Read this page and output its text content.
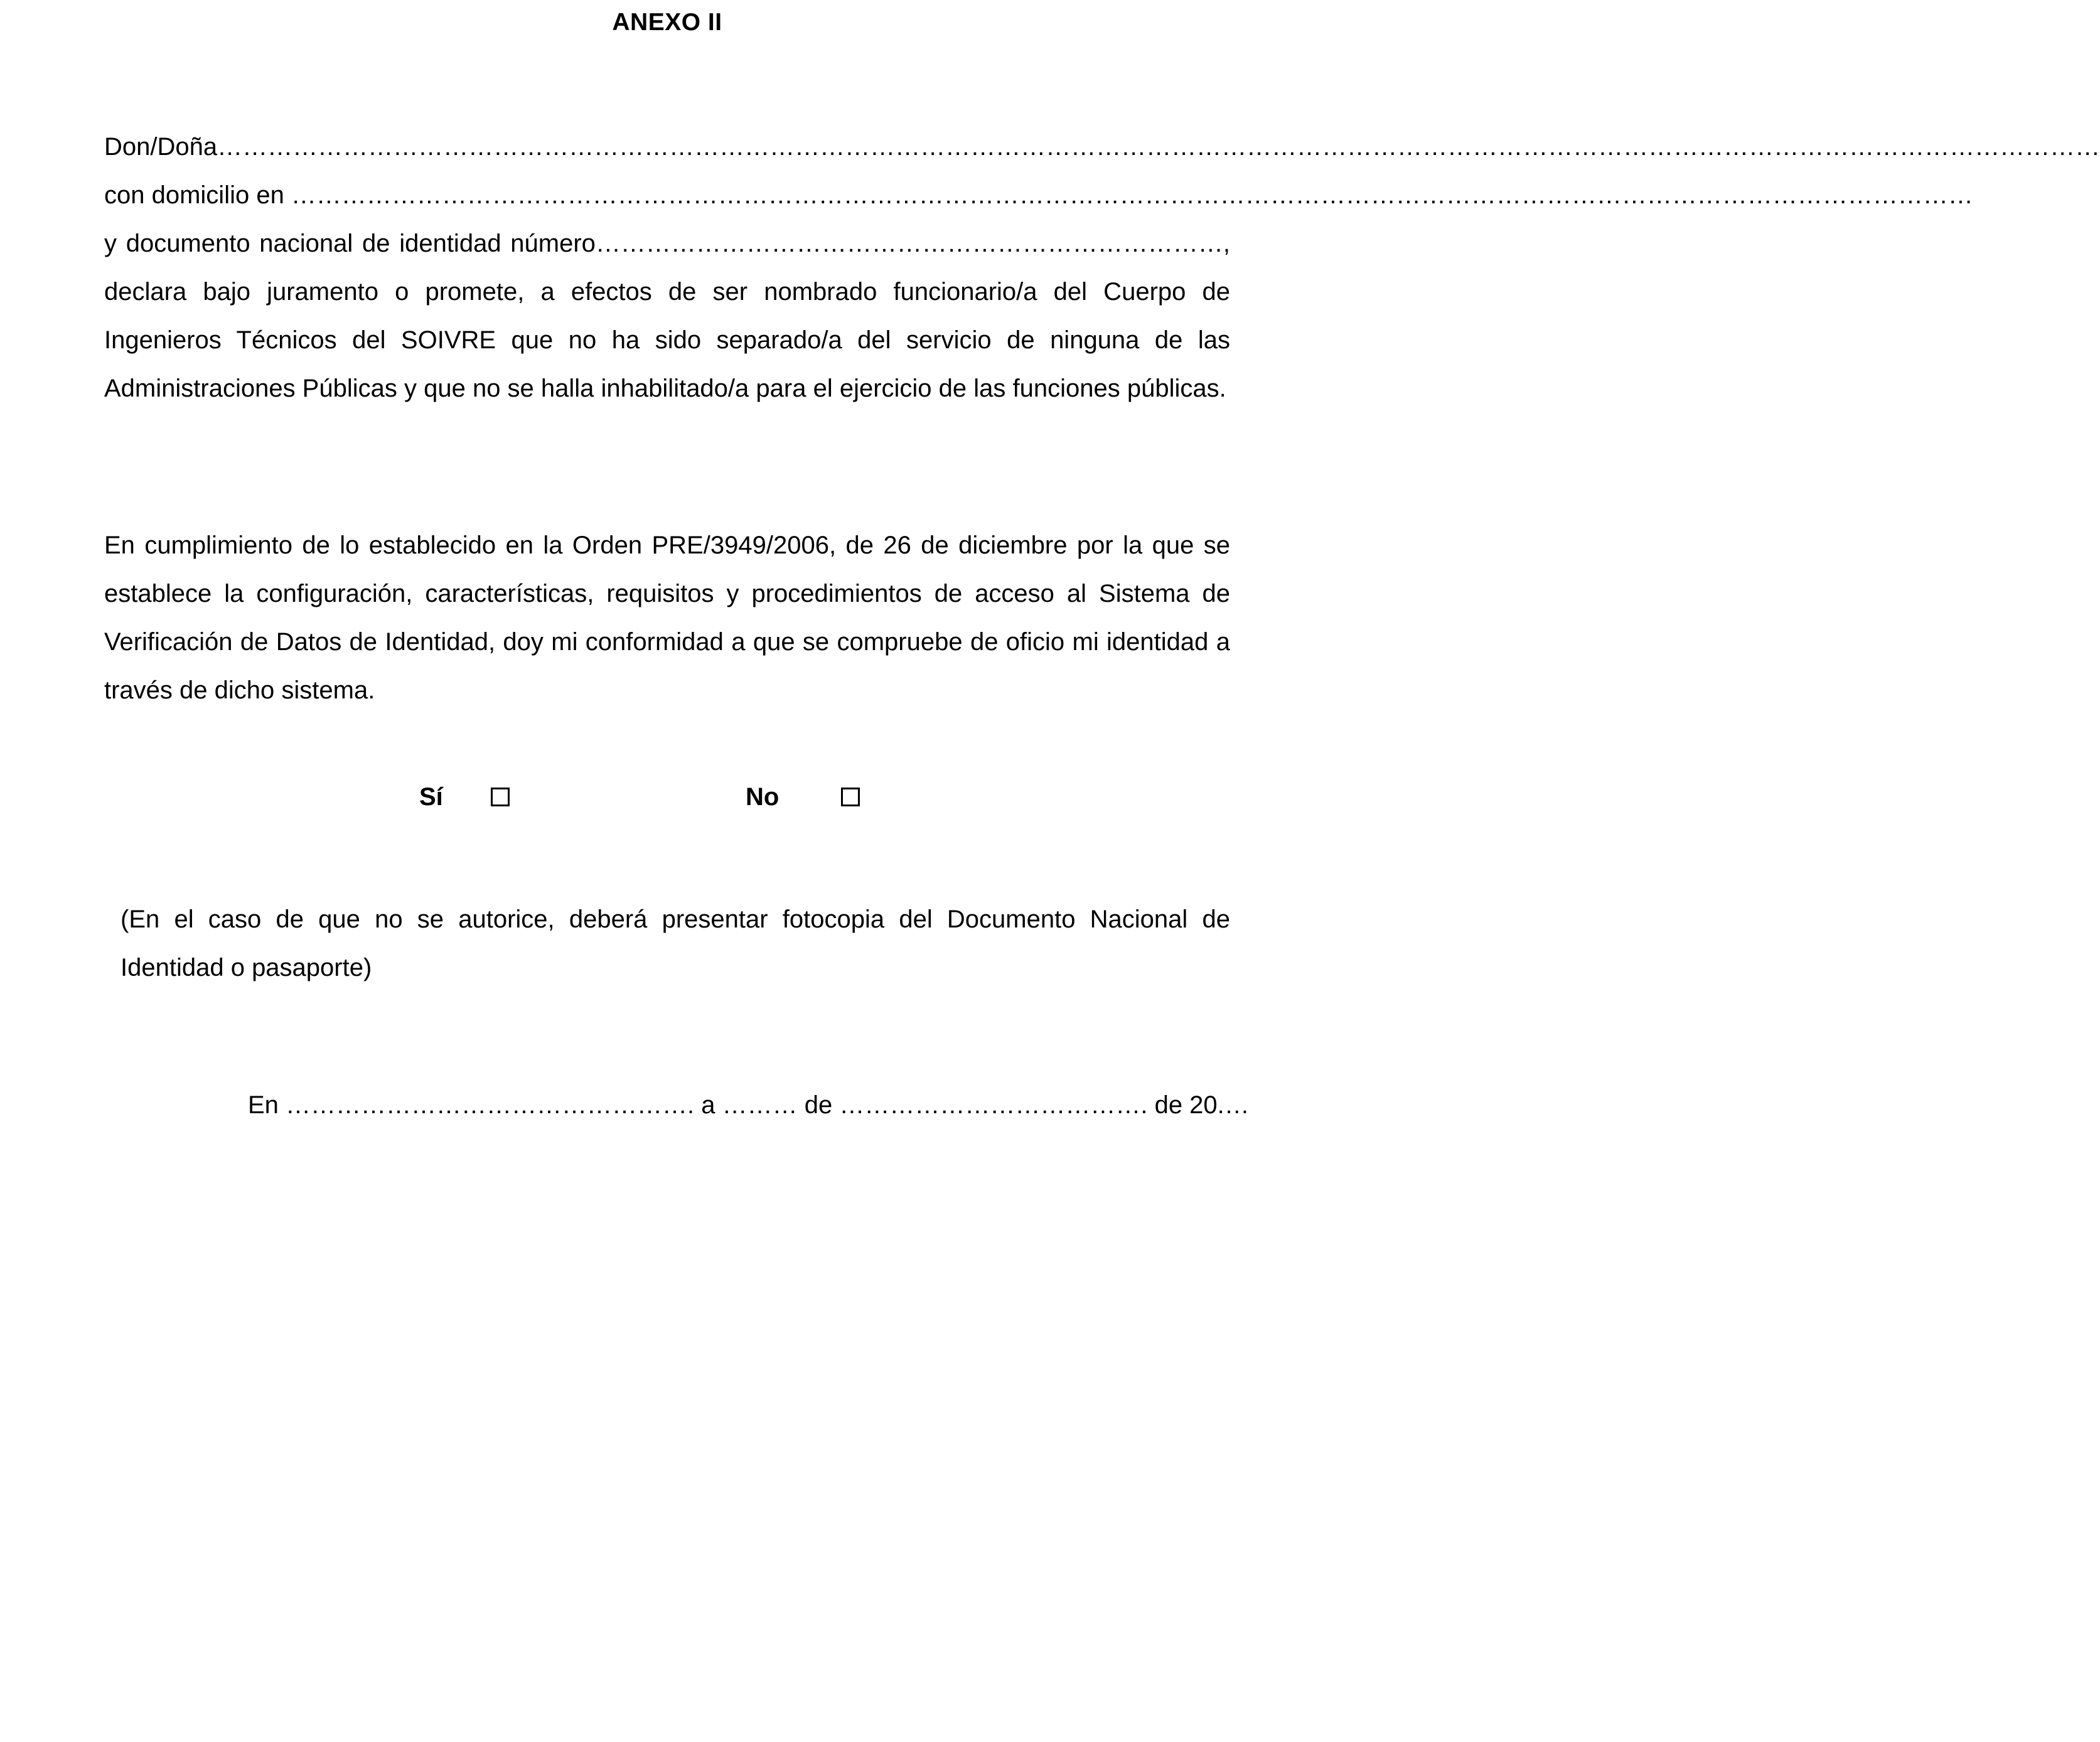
ANEXO II
Don/Doña………………………………………………………………………………………………………………………………………………………………………………………………………
con domicilio en …………………………………………………………………………………………………………………………………………………………………………………
y documento nacional de identidad número…………………………………………………………………, declara bajo juramento o promete, a efectos de ser nombrado funcionario/a del Cuerpo de Ingenieros Técnicos del SOIVRE que no ha sido separado/a del servicio de ninguna de las Administraciones Públicas y que no se halla inhabilitado/a para el ejercicio de las funciones públicas.
En cumplimiento de lo establecido en la Orden PRE/3949/2006, de 26 de diciembre por la que se establece la configuración, características, requisitos y procedimientos de acceso al Sistema de Verificación de Datos de Identidad, doy mi conformidad a que se compruebe de oficio mi identidad a través de dicho sistema.
Sí	No
(En el caso de que no se autorice, deberá presentar fotocopia del Documento Nacional de Identidad o pasaporte)
En …………………………………………. a ……… de ………………………………. de 20.…
